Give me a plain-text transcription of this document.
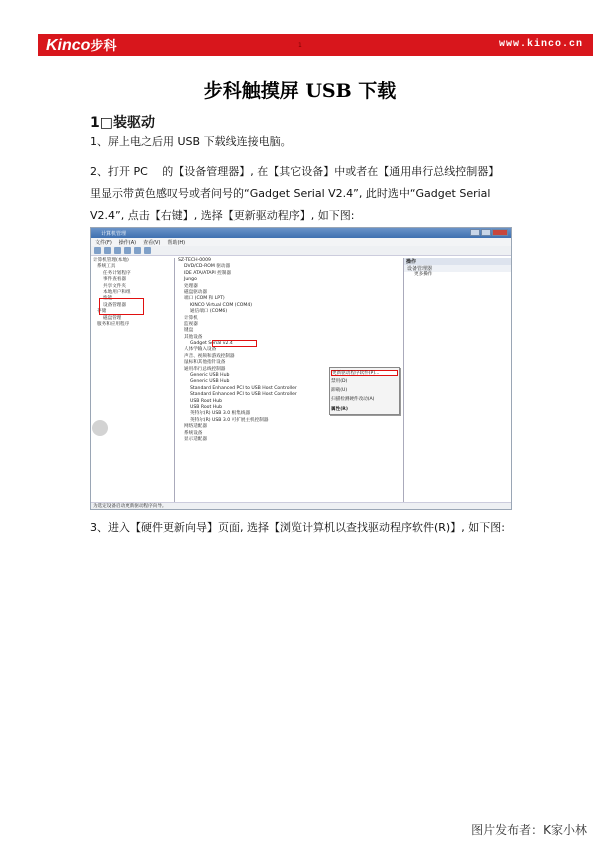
Kinco步科	www.kinco.cn
1
步科触摸屏 USB 下载
1□装驱动
1、屏上电之后用 USB 下载线连接电脑。
2、打开 PC　 的【设备管理器】, 在【其它设备】中或者在【通用串行总线控制器】里显示带黄色感叹号或者问号的“Gadget Serial V2.4”, 此时选中“Gadget Serial V2.4”, 点击【右键】, 选择【更新驱动程序】, 如下图:
计算机管理
文件(F) 操作(A) 查看(V) 帮助(H)
计算机管理(本地)
系统工具
任务计划程序
事件查看器
共享文件夹
本地用户和组
性能
设备管理器
存储
磁盘管理
服务和应用程序
SZ-TECH-0009
DVD/CD-ROM 驱动器
IDE ATA/ATAPI 控制器
Jungo
处理器
磁盘驱动器
端口 (COM 和 LPT)
KINCO Virtual COM (COM4)
通信端口 (COM6)
计算机
监视器
键盘
其他设备
Gadget Serial v2.4
人体学输入设备
声音、视频和游戏控制器
鼠标和其他指针设备
通用串行总线控制器
Generic USB Hub
Generic USB Hub
Standard Enhanced PCI to USB Host Controller
Standard Enhanced PCI to USB Host Controller
USB Root Hub
USB Root Hub
英特尔(R) USB 3.0 根集线器
英特尔(R) USB 3.0 可扩展主机控制器
网络适配器
系统设备
显示适配器
更新驱动程序软件(P)...
禁用(D)
卸载(U)
扫描检测硬件改动(A)
属性(R)
操作
设备管理器
更多操作
为选定设备启动更新驱动程序向导。
3、进入【硬件更新向导】页面, 选择【浏览计算机以查找驱动程序软件(R)】, 如下图:
图片发布者：K家小林
